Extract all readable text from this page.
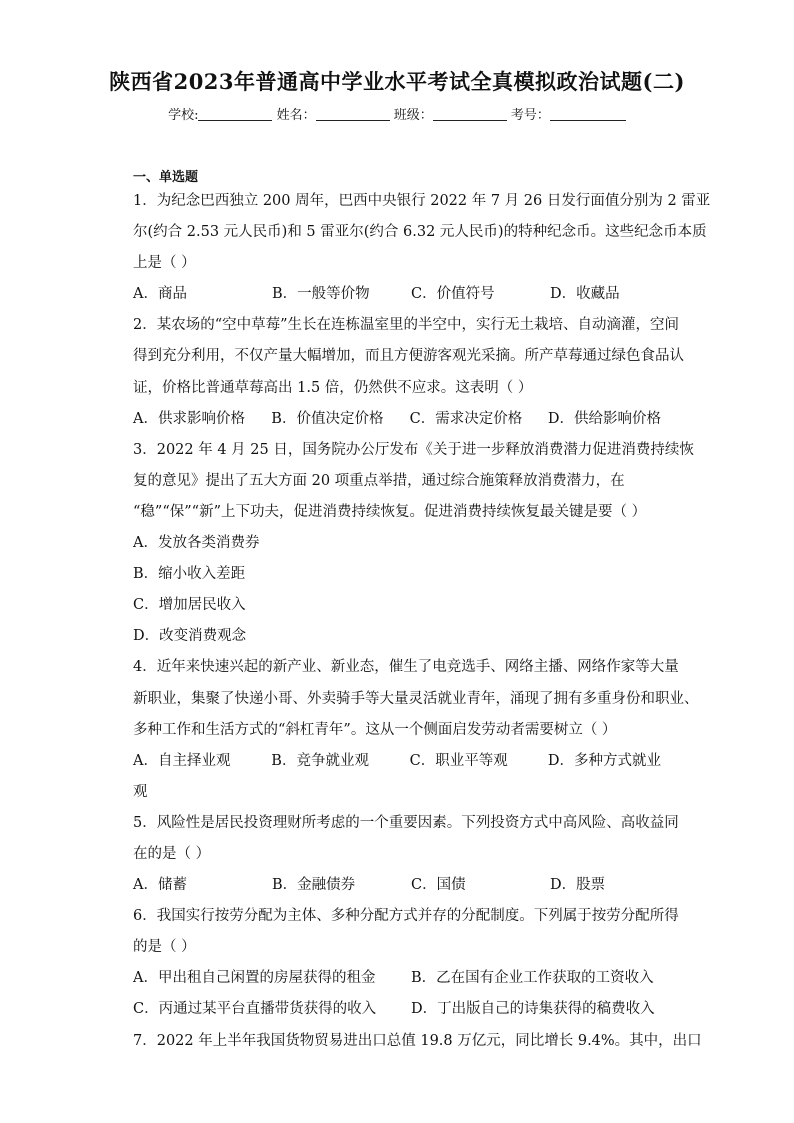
陕西省2023年普通高中学业水平考试全真模拟政治试题(二)
学校:	姓名：	班级：	考号：
一、单选题
1．为纪念巴西独立 200 周年，巴西中央银行 2022 年 7 月 26 日发行面值分别为 2 雷亚
尔(约合 2.53 元人民币)和 5 雷亚尔(约合 6.32 元人民币)的特种纪念币。这些纪念币本质
上是（ ）
A．商品	B．一般等价物	C．价值符号	D．收藏品
2．某农场的“空中草莓”生长在连栋温室里的半空中，实行无土栽培、自动滴灌，空间
得到充分利用，不仅产量大幅增加，而且方便游客观光采摘。所产草莓通过绿色食品认
证，价格比普通草莓高出 1.5 倍，仍然供不应求。这表明（ ）
A．供求影响价格	B．价值决定价格	C．需求决定价格	D．供给影响价格
3．2022 年 4 月 25 日，国务院办公厅发布《关于进一步释放消费潜力促进消费持续恢
复的意见》提出了五大方面 20 项重点举措，通过综合施策释放消费潜力，在
“稳”“保”“新”上下功夫，促进消费持续恢复。促进消费持续恢复最关键是要（ ）
A．发放各类消费券
B．缩小收入差距
C．增加居民收入
D．改变消费观念
4．近年来快速兴起的新产业、新业态，催生了电竞选手、网络主播、网络作家等大量
新职业，集聚了快递小哥、外卖骑手等大量灵活就业青年，涌现了拥有多重身份和职业、
多种工作和生活方式的“斜杠青年”。这从一个侧面启发劳动者需要树立（ ）
A．自主择业观	B．竞争就业观	C．职业平等观	D．多种方式就业
观
5．风险性是居民投资理财所考虑的一个重要因素。下列投资方式中高风险、高收益同
在的是（ ）
A．储蓄	B．金融债券	C．国债	D．股票
6．我国实行按劳分配为主体、多种分配方式并存的分配制度。下列属于按劳分配所得
的是（ ）
A．甲出租自己闲置的房屋获得的租金	B．乙在国有企业工作获取的工资收入
C．丙通过某平台直播带货获得的收入	D．丁出版自己的诗集获得的稿费收入
7．2022 年上半年我国货物贸易进出口总值 19.8 万亿元，同比增长 9.4%。其中，出口
